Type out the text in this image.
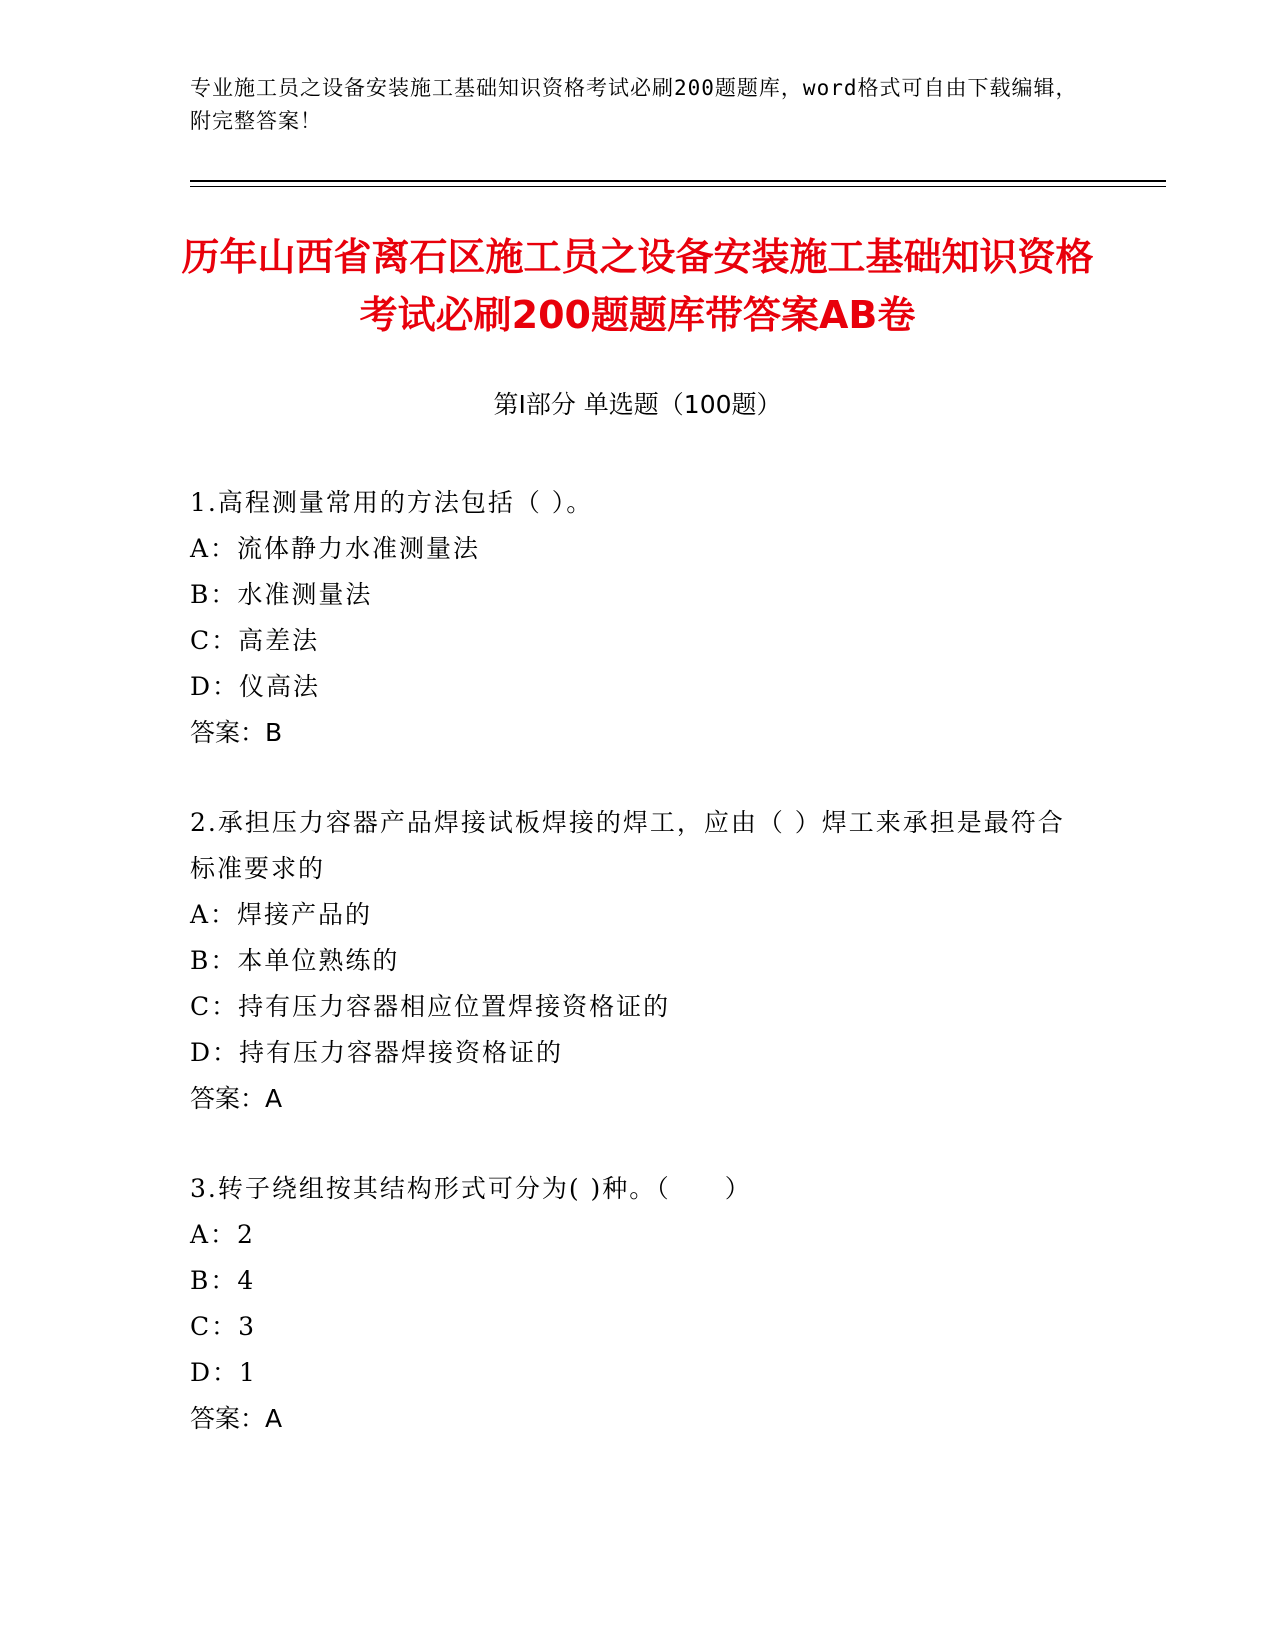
专业施工员之设备安装施工基础知识资格考试必刷200题题库，word格式可自由下载编辑，附完整答案！
历年山西省离石区施工员之设备安装施工基础知识资格考试必刷200题题库带答案AB卷
第I部分 单选题（100题）

1.高程测量常用的方法包括（ ）。

A：流体静力水准测量法

B：水准测量法

C：高差法

D：仪高法

答案：B

2.承担压力容器产品焊接试板焊接的焊工，应由（ ）焊工来承担是最符合标准要求的

A：焊接产品的

B：本单位熟练的

C：持有压力容器相应位置焊接资格证的

D：持有压力容器焊接资格证的

答案：A

3.转子绕组按其结构形式可分为( )种。（　　）

A：2

B：4

C：3

D：1

答案：A
